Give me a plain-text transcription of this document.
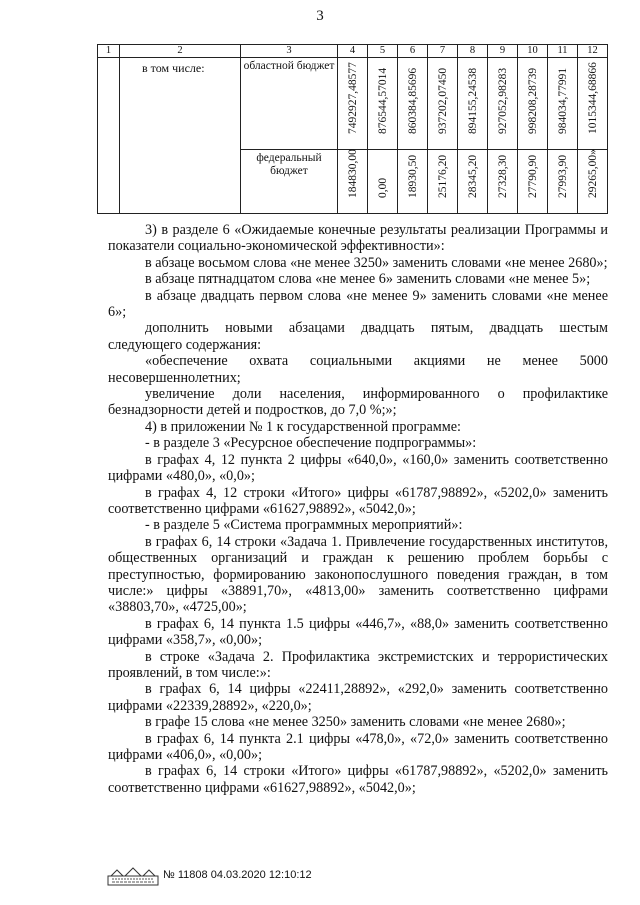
3
1	2	3	4	5	6	7	8	9	10	11	12
	в том числе:	областной бюджет	7492927,48577	876544,57014	860384,85696	937202,07450	894155,24538	927052,98283	998208,28739	984034,77991	1015344,68866

		федеральный бюджет	184830,00	0,00	18930,50	25176,20	28345,20	27328,30	27790,90	27993,90	29265,00»

3) в разделе 6 «Ожидаемые конечные результаты реализации Программы и показатели социально-экономической эффективности»:

в абзаце восьмом слова «не менее 3250» заменить словами «не менее 2680»;

в абзаце пятнадцатом слова «не менее 6» заменить словами «не менее 5»;

в абзаце двадцать первом слова «не менее 9» заменить словами «не менее 6»;

дополнить новыми абзацами двадцать пятым, двадцать шестым следующего содержания:

«обеспечение охвата социальными акциями не менее 5000 несовершеннолетних;

увеличение доли населения, информированного о профилактике безнадзорности детей и подростков, до 7,0 %;»;

4) в приложении № 1 к государственной программе:

- в разделе 3 «Ресурсное обеспечение подпрограммы»:

в графах 4, 12 пункта 2 цифры «640,0», «160,0» заменить соответственно цифрами «480,0», «0,0»;

в графах 4, 12 строки «Итого» цифры «61787,98892», «5202,0» заменить соответственно цифрами «61627,98892», «5042,0»;

- в разделе 5 «Система программных мероприятий»:

в графах 6, 14 строки «Задача 1. Привлечение государственных институтов, общественных организаций и граждан к решению проблем борьбы с преступностью, формированию законопослушного поведения граждан, в том числе:» цифры «38891,70», «4813,00» заменить соответственно цифрами «38803,70», «4725,00»;

в графах 6, 14 пункта 1.5 цифры «446,7», «88,0» заменить соответственно цифрами «358,7», «0,00»;

в строке «Задача 2. Профилактика экстремистских и террористических проявлений, в том числе:»:

в графах 6, 14 цифры «22411,28892», «292,0» заменить соответственно цифрами «22339,28892», «220,0»;

в графе 15 слова «не менее 3250» заменить словами «не менее 2680»;

в графах 6, 14 пункта 2.1 цифры «478,0», «72,0» заменить соответственно цифрами «406,0», «0,00»;

в графах 6, 14 строки «Итого» цифры «61787,98892», «5202,0» заменить соответственно цифрами «61627,98892», «5042,0»;

№ 11808 04.03.2020 12:10:12
